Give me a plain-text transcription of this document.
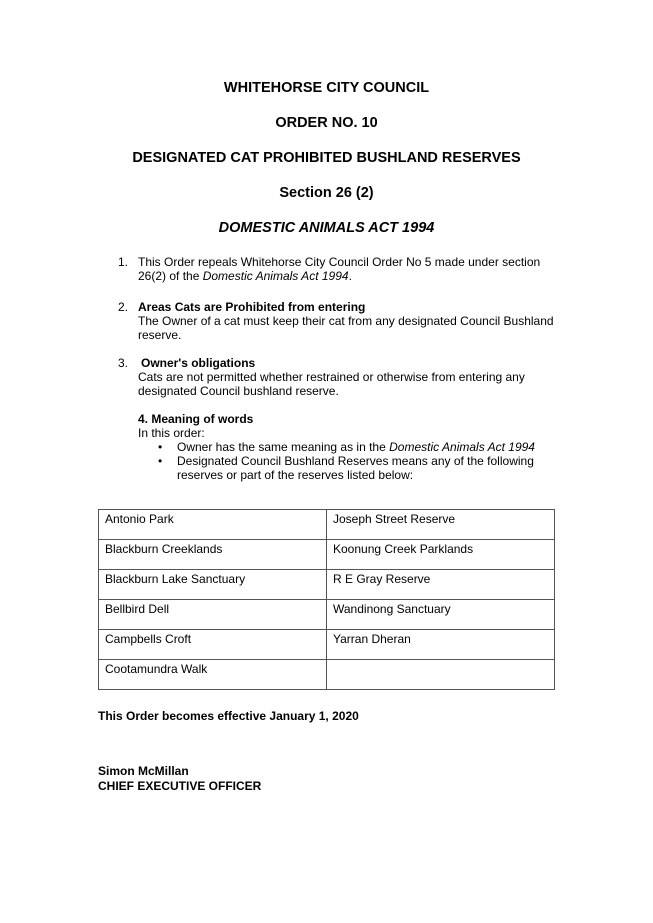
WHITEHORSE CITY COUNCIL
ORDER NO. 10
DESIGNATED CAT PROHIBITED BUSHLAND RESERVES
Section 26 (2)
DOMESTIC ANIMALS ACT 1994
1. This Order repeals Whitehorse City Council Order No 5 made under section 26(2) of the Domestic Animals Act 1994.
2. Areas Cats are Prohibited from entering
The Owner of a cat must keep their cat from any designated Council Bushland reserve.
3. Owner's obligations
Cats are not permitted whether restrained or otherwise from entering any designated Council bushland reserve.
4. Meaning of words
In this order:
• Owner has the same meaning as in the Domestic Animals Act 1994
• Designated Council Bushland Reserves means any of the following reserves or part of the reserves listed below:
Antonio Park	Joseph Street Reserve
Blackburn Creeklands	Koonung Creek Parklands
Blackburn Lake Sanctuary	R E Gray Reserve
Bellbird Dell	Wandinong Sanctuary
Campbells Croft	Yarran Dheran
Cootamundra Walk	
This Order becomes effective January 1, 2020
Simon McMillan
CHIEF EXECUTIVE OFFICER
